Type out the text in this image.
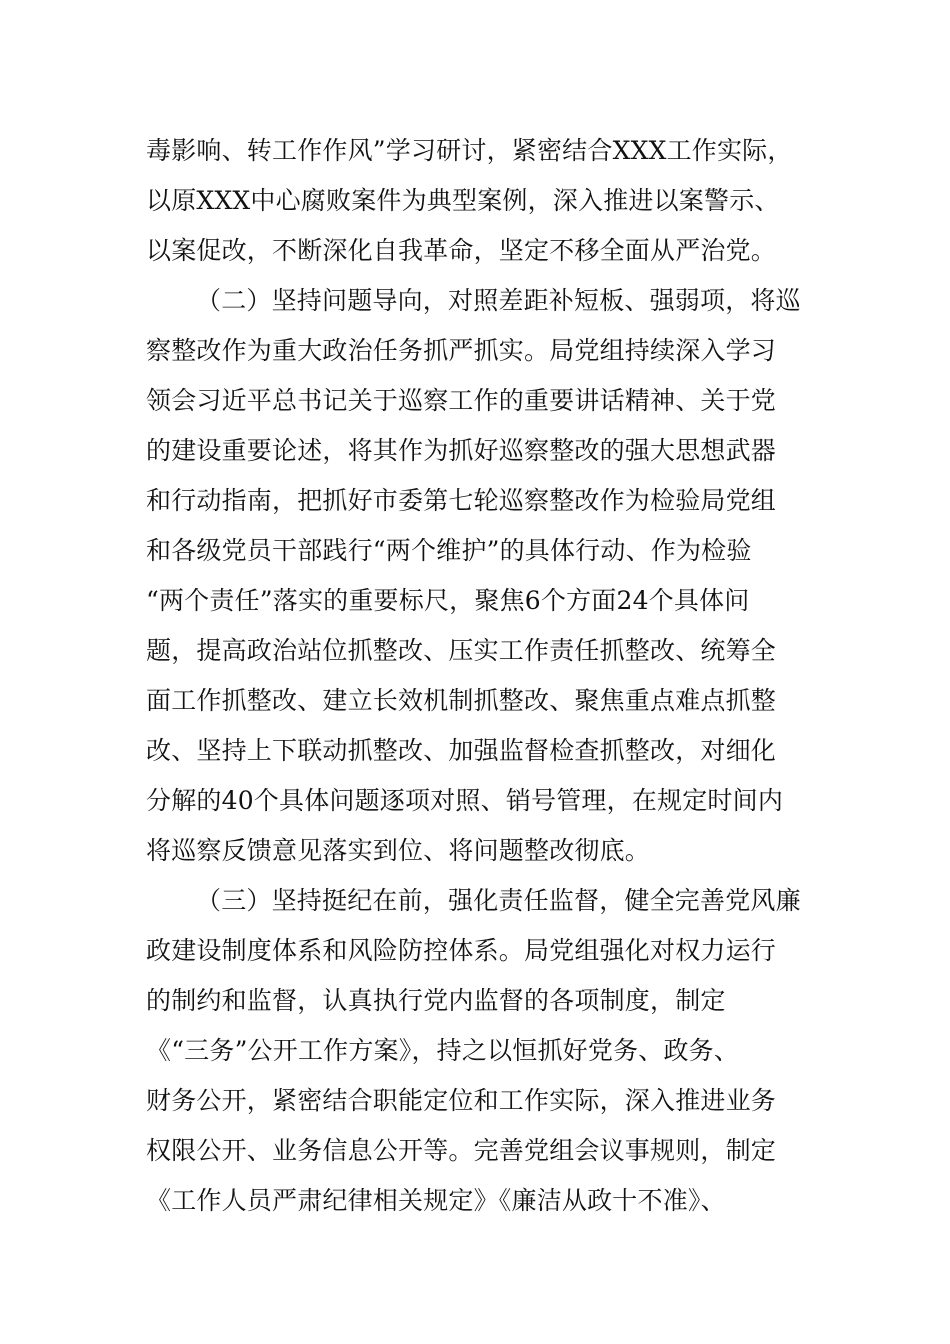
毒影响、转工作作风”学习研讨，紧密结合XXX工作实际，
以原XXX中心腐败案件为典型案例，深入推进以案警示、
以案促改，不断深化自我革命，坚定不移全面从严治党。
（二）坚持问题导向，对照差距补短板、强弱项，将巡
察整改作为重大政治任务抓严抓实。局党组持续深入学习
领会习近平总书记关于巡察工作的重要讲话精神、关于党
的建设重要论述，将其作为抓好巡察整改的强大思想武器
和行动指南，把抓好市委第七轮巡察整改作为检验局党组
和各级党员干部践行“两个维护”的具体行动、作为检验
“两个责任”落实的重要标尺，聚焦6个方面24个具体问
题，提高政治站位抓整改、压实工作责任抓整改、统筹全
面工作抓整改、建立长效机制抓整改、聚焦重点难点抓整
改、坚持上下联动抓整改、加强监督检查抓整改，对细化
分解的40个具体问题逐项对照、销号管理，在规定时间内
将巡察反馈意见落实到位、将问题整改彻底。
（三）坚持挺纪在前，强化责任监督，健全完善党风廉
政建设制度体系和风险防控体系。局党组强化对权力运行
的制约和监督，认真执行党内监督的各项制度，制定
《“三务”公开工作方案》，持之以恒抓好党务、政务、
财务公开，紧密结合职能定位和工作实际，深入推进业务
权限公开、业务信息公开等。完善党组会议事规则，制定
《工作人员严肃纪律相关规定》《廉洁从政十不准》、
